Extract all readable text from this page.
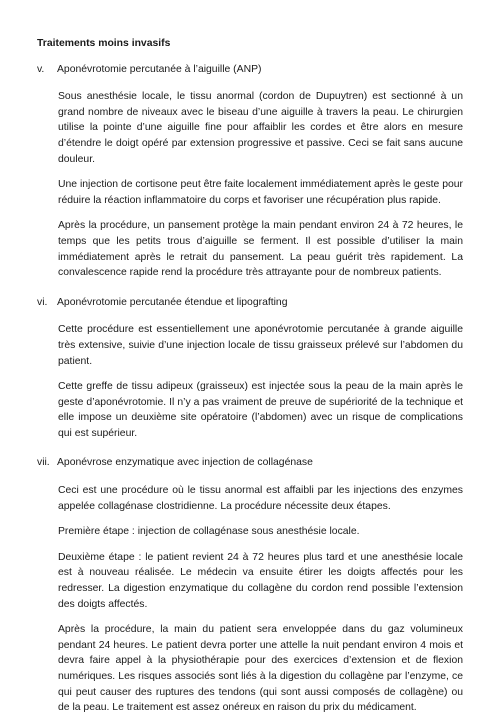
Traitements moins invasifs
v.	Aponévrotomie percutanée à l’aiguille (ANP)

Sous anesthésie locale, le tissu anormal (cordon de Dupuytren) est sectionné à un grand nombre de niveaux avec le biseau d’une aiguille à travers la peau. Le chirurgien utilise la pointe d’une aiguille fine pour affaiblir les cordes et être alors en mesure d’étendre le doigt opéré par extension progressive et passive. Ceci se fait sans aucune douleur.

Une injection de cortisone peut être faite localement immédiatement après le geste pour réduire la réaction inflammatoire du corps et favoriser une récupération plus rapide.

Après la procédure, un pansement protège la main pendant environ 24 à 72 heures, le temps que les petits trous d’aiguille se ferment. Il est possible d’utiliser la main immédiatement après le retrait du pansement. La peau guérit très rapidement. La convalescence rapide rend la procédure très attrayante pour de nombreux patients.

vi. Aponévrotomie percutanée étendue et lipografting

Cette procédure est essentiellement une aponévrotomie percutanée à grande aiguille très extensive, suivie d’une injection locale de tissu graisseux prélevé sur l’abdomen du patient.

Cette greffe de tissu adipeux (graisseux) est injectée sous la peau de la main après le geste d’aponévrotomie. Il n’y a pas vraiment de preuve de supériorité de la technique et elle impose un deuxième site opératoire (l’abdomen) avec un risque de complications qui est supérieur.

vii. Aponévrose enzymatique avec injection de collagénase

Ceci est une procédure où le tissu anormal est affaibli par les injections des enzymes appelée collagénase clostridienne. La procédure nécessite deux étapes.

Première étape : injection de collagénase sous anesthésie locale.

Deuxième étape : le patient revient 24 à 72 heures plus tard et une anesthésie locale est à nouveau réalisée. Le médecin va ensuite étirer les doigts affectés pour les redresser. La digestion enzymatique du collagène du cordon rend possible l’extension des doigts affectés.

Après la procédure, la main du patient sera enveloppée dans du gaz volumineux pendant 24 heures. Le patient devra porter une attelle la nuit pendant environ 4 mois et devra faire appel à la physiothérapie pour des exercices d’extension et de flexion numériques. Les risques associés sont liés à la digestion du collagène par l’enzyme, ce qui peut causer des ruptures des tendons (qui sont aussi composés de collagène) ou de la peau. Le traitement est assez onéreux en raison du prix du médicament.
